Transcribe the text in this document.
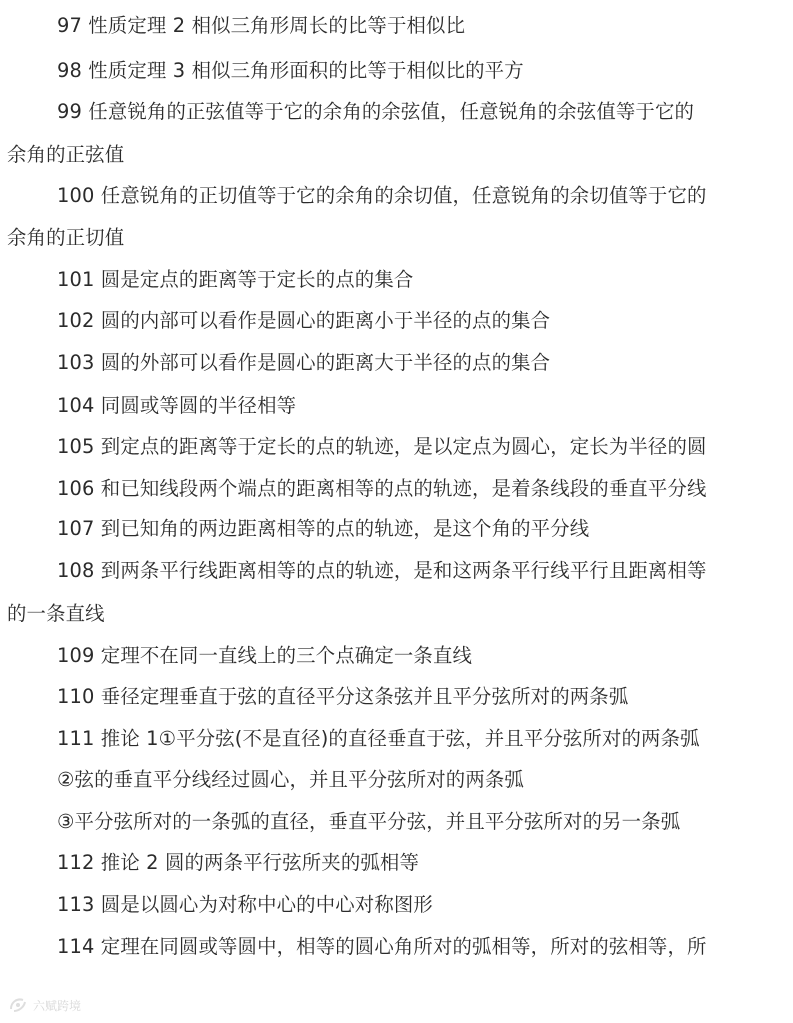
97 性质定理 2 相似三角形周长的比等于相似比
98 性质定理 3 相似三角形面积的比等于相似比的平方
99 任意锐角的正弦值等于它的余角的余弦值，任意锐角的余弦值等于它的
余角的正弦值
100 任意锐角的正切值等于它的余角的余切值，任意锐角的余切值等于它的
余角的正切值
101 圆是定点的距离等于定长的点的集合
102 圆的内部可以看作是圆心的距离小于半径的点的集合
103 圆的外部可以看作是圆心的距离大于半径的点的集合
104 同圆或等圆的半径相等
105 到定点的距离等于定长的点的轨迹，是以定点为圆心，定长为半径的圆
106 和已知线段两个端点的距离相等的点的轨迹，是着条线段的垂直平分线
107 到已知角的两边距离相等的点的轨迹，是这个角的平分线
108 到两条平行线距离相等的点的轨迹，是和这两条平行线平行且距离相等
的一条直线
109 定理不在同一直线上的三个点确定一条直线
110 垂径定理垂直于弦的直径平分这条弦并且平分弦所对的两条弧
111 推论 1①平分弦(不是直径)的直径垂直于弦，并且平分弦所对的两条弧
②弦的垂直平分线经过圆心，并且平分弦所对的两条弧
③平分弦所对的一条弧的直径，垂直平分弦，并且平分弦所对的另一条弧
112 推论 2 圆的两条平行弦所夹的弧相等
113 圆是以圆心为对称中心的中心对称图形
114 定理在同圆或等圆中，相等的圆心角所对的弧相等，所对的弦相等，所
六赋跨境
